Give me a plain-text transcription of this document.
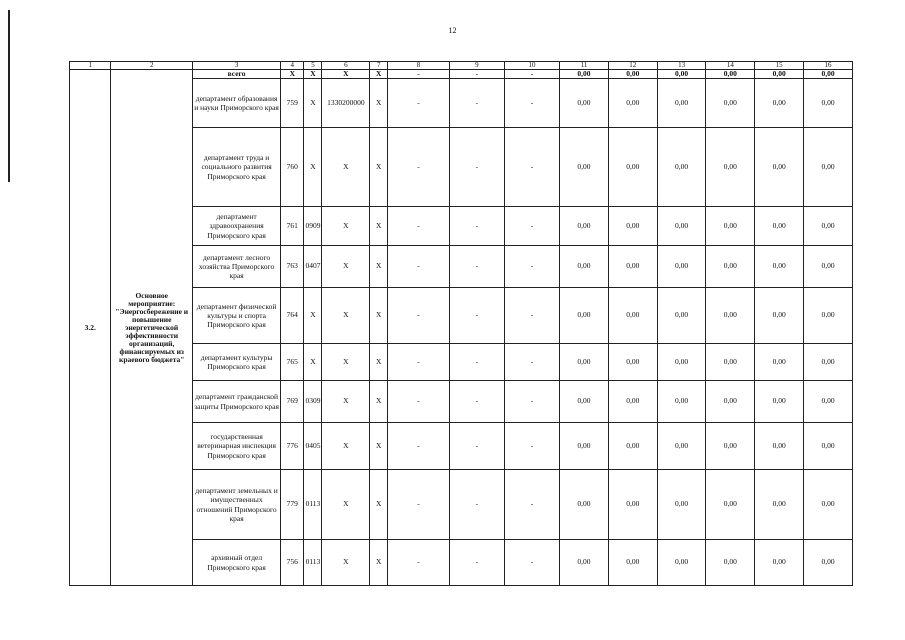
12
1	2	3	4	5	6	7	8	9	10	11	12	13	14	15	16
3.2.	Основное мероприятие: "Энергосбережение и повышение энергетической эффективности организаций, финансируемых из краевого бюджета"	всего	X	X	X	X	-	-	-	0,00	0,00	0,00	0,00	0,00	0,00
		департамент образования и науки Приморского края	759	X	1330200000	X	-	-	-	0,00	0,00	0,00	0,00	0,00	0,00
		департамент труда и социального развития Приморского края	760	X	X	X	-	-	-	0,00	0,00	0,00	0,00	0,00	0,00
		департамент здравоохранения Приморского края	761	0909	X	X	-	-	-	0,00	0,00	0,00	0,00	0,00	0,00
		департамент лесного хозяйства Приморского края	763	0407	X	X	-	-	-	0,00	0,00	0,00	0,00	0,00	0,00
		департамент физической культуры и спорта Приморского края	764	X	X	X	-	-	-	0,00	0,00	0,00	0,00	0,00	0,00
		департамент культуры Приморского края	765	X	X	X	-	-	-	0,00	0,00	0,00	0,00	0,00	0,00
		департамент гражданской защиты Приморского края	769	0309	X	X	-	-	-	0,00	0,00	0,00	0,00	0,00	0,00
		государственная ветеринарная инспекция Приморского края	776	0405	X	X	-	-	-	0,00	0,00	0,00	0,00	0,00	0,00
		департамент земельных и имущественных отношений Приморского края	779	0113	X	X	-	-	-	0,00	0,00	0,00	0,00	0,00	0,00
		архивный отдел Приморского края	756	0113	X	X	-	-	-	0,00	0,00	0,00	0,00	0,00	0,00
